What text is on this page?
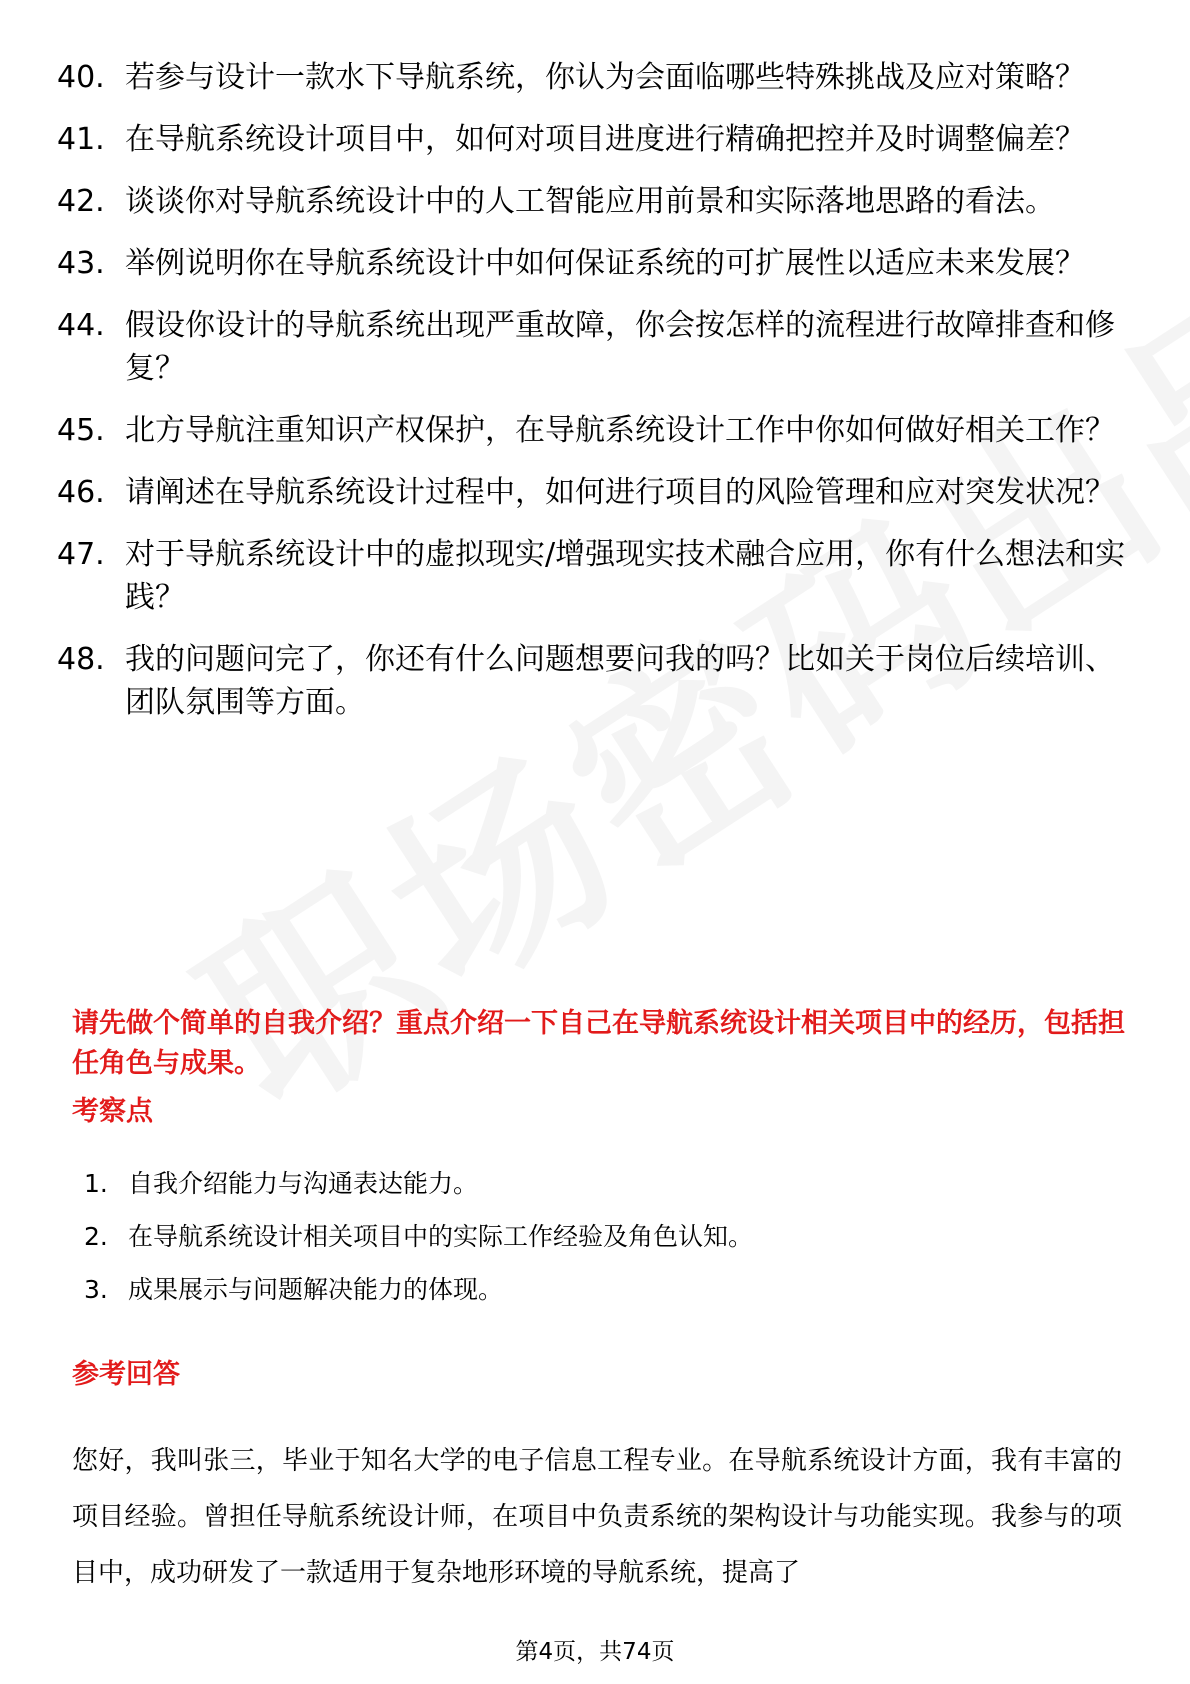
40. 若参与设计一款水下导航系统，你认为会面临哪些特殊挑战及应对策略？
41. 在导航系统设计项目中，如何对项目进度进行精确把控并及时调整偏差？
42. 谈谈你对导航系统设计中的人工智能应用前景和实际落地思路的看法。
43. 举例说明你在导航系统设计中如何保证系统的可扩展性以适应未来发展？
44. 假设你设计的导航系统出现严重故障，你会按怎样的流程进行故障排查和修复？
45. 北方导航注重知识产权保护，在导航系统设计工作中你如何做好相关工作？
46. 请阐述在导航系统设计过程中，如何进行项目的风险管理和应对突发状况？
47. 对于导航系统设计中的虚拟现实/增强现实技术融合应用，你有什么想法和实践？
48. 我的问题问完了，你还有什么问题想要问我的吗？比如关于岗位后续培训、团队氛围等方面。
请先做个简单的自我介绍？重点介绍一下自己在导航系统设计相关项目中的经历，包括担任角色与成果。
考察点
1. 自我介绍能力与沟通表达能力。
2. 在导航系统设计相关项目中的实际工作经验及角色认知。
3. 成果展示与问题解决能力的体现。
参考回答
您好，我叫张三，毕业于知名大学的电子信息工程专业。在导航系统设计方面，我有丰富的项目经验。曾担任导航系统设计师，在项目中负责系统的架构设计与功能实现。我参与的项目中，成功研发了一款适用于复杂地形环境的导航系统，提高了
第4页，共74页
